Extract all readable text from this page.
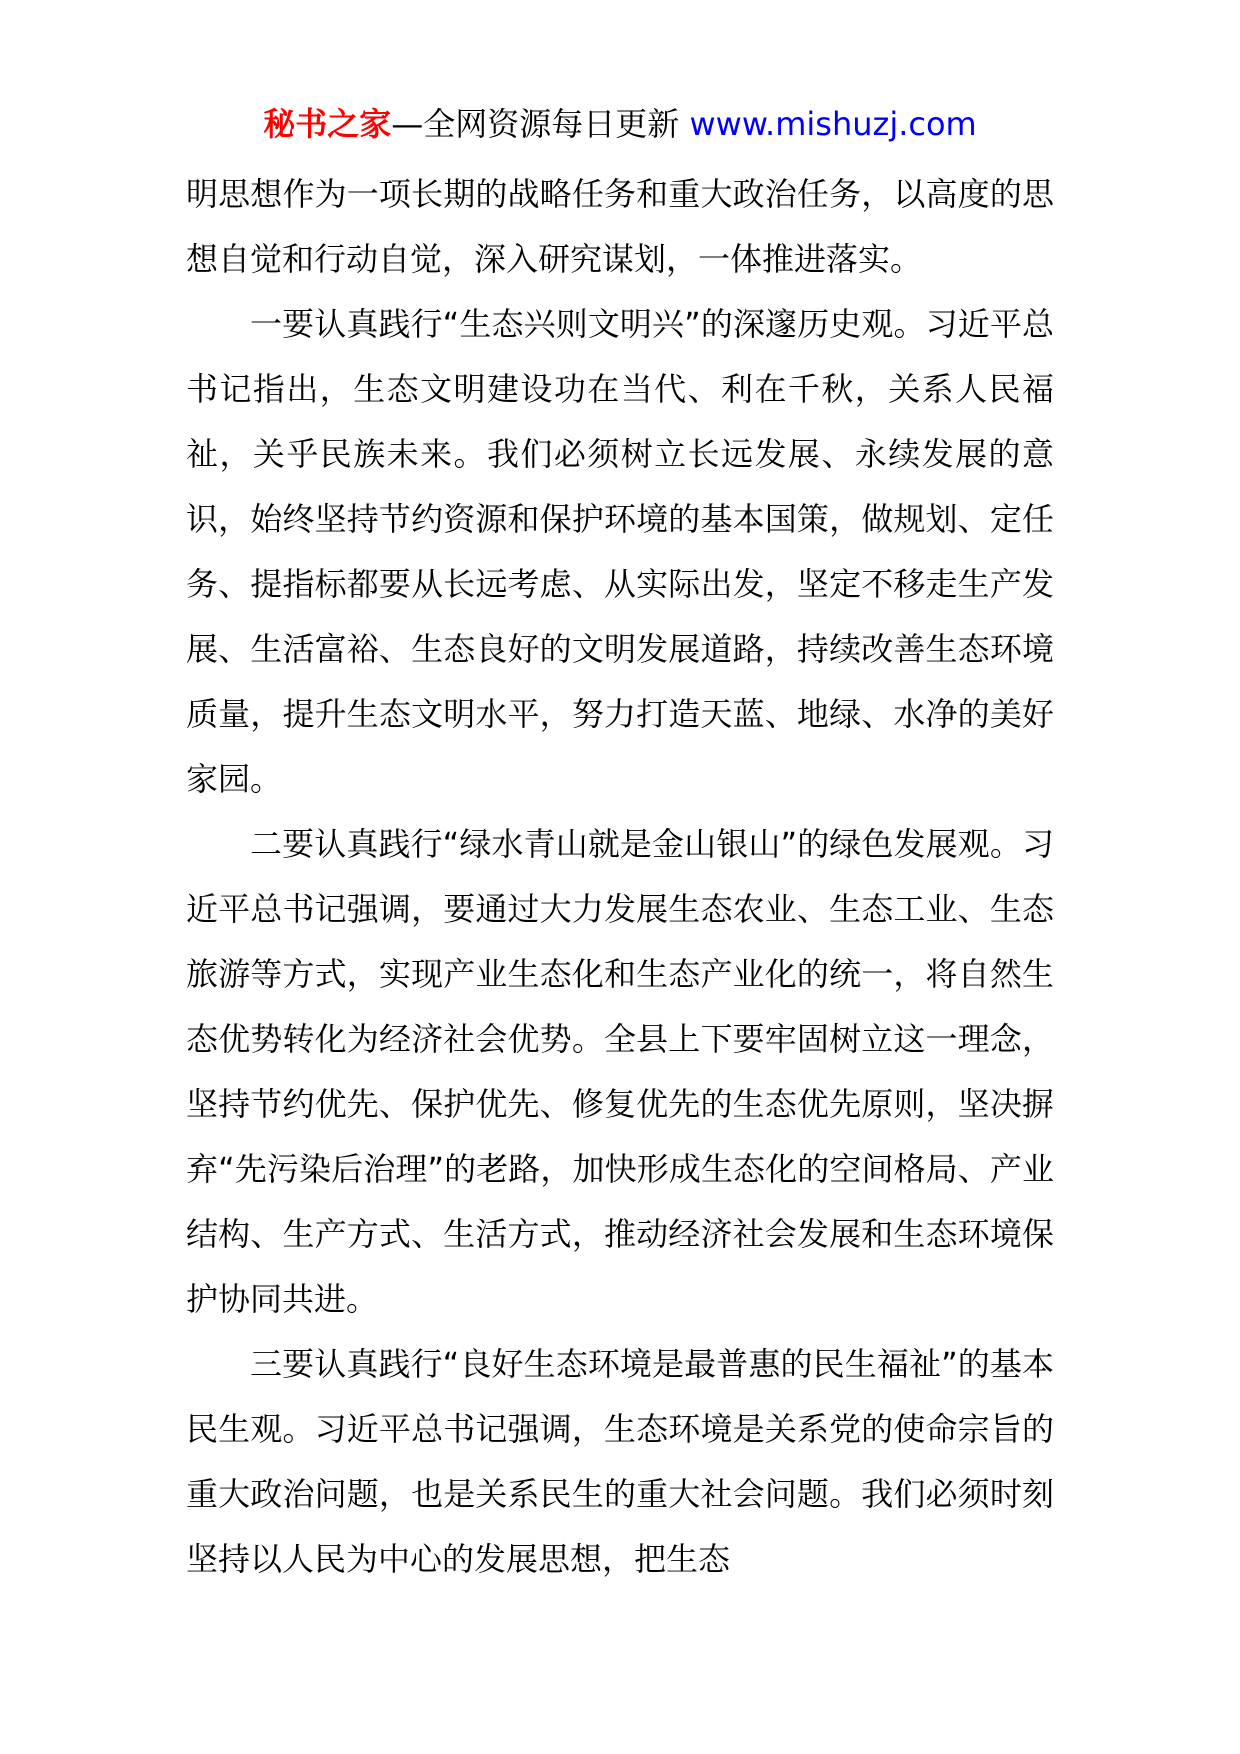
秘书之家—全网资源每日更新 www.mishuzj.com

明思想作为一项长期的战略任务和重大政治任务，以高度的思想自觉和行动自觉，深入研究谋划，一体推进落实。

一要认真践行“生态兴则文明兴”的深邃历史观。习近平总书记指出，生态文明建设功在当代、利在千秋，关系人民福祉，关乎民族未来。我们必须树立长远发展、永续发展的意识，始终坚持节约资源和保护环境的基本国策，做规划、定任务、提指标都要从长远考虑、从实际出发，坚定不移走生产发展、生活富裕、生态良好的文明发展道路，持续改善生态环境质量，提升生态文明水平，努力打造天蓝、地绿、水净的美好家园。

二要认真践行“绿水青山就是金山银山”的绿色发展观。习近平总书记强调，要通过大力发展生态农业、生态工业、生态旅游等方式，实现产业生态化和生态产业化的统一，将自然生态优势转化为经济社会优势。全县上下要牢固树立这一理念，坚持节约优先、保护优先、修复优先的生态优先原则，坚决摒弃“先污染后治理”的老路，加快形成生态化的空间格局、产业结构、生产方式、生活方式，推动经济社会发展和生态环境保护协同共进。

三要认真践行“良好生态环境是最普惠的民生福祉”的基本民生观。习近平总书记强调，生态环境是关系党的使命宗旨的重大政治问题，也是关系民生的重大社会问题。我们必须时刻坚持以人民为中心的发展思想，把生态
